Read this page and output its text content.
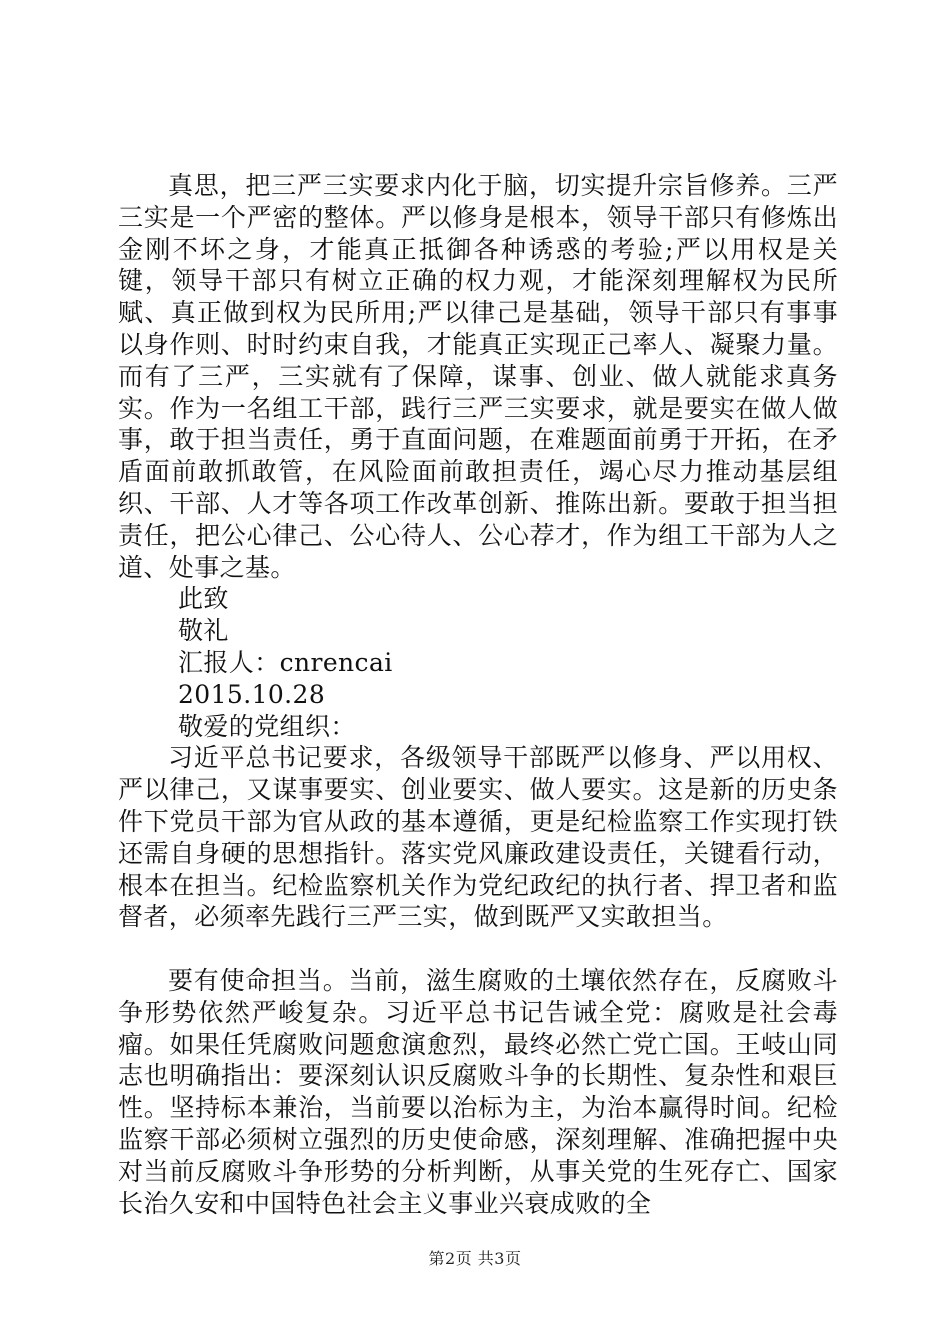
真思，把三严三实要求内化于脑，切实提升宗旨修养。三严三实是一个严密的整体。严以修身是根本，领导干部只有修炼出金刚不坏之身，才能真正抵御各种诱惑的考验;严以用权是关键，领导干部只有树立正确的权力观，才能深刻理解权为民所赋、真正做到权为民所用;严以律己是基础，领导干部只有事事以身作则、时时约束自我，才能真正实现正己率人、凝聚力量。而有了三严，三实就有了保障，谋事、创业、做人就能求真务实。作为一名组工干部，践行三严三实要求，就是要实在做人做事，敢于担当责任，勇于直面问题，在难题面前勇于开拓，在矛盾面前敢抓敢管，在风险面前敢担责任，竭心尽力推动基层组织、干部、人才等各项工作改革创新、推陈出新。要敢于担当担责任，把公心律己、公心待人、公心荐才，作为组工干部为人之道、处事之基。

此致

敬礼

汇报人：cnrencai

2015.10.28

敬爱的党组织：

习近平总书记要求，各级领导干部既严以修身、严以用权、严以律己，又谋事要实、创业要实、做人要实。这是新的历史条件下党员干部为官从政的基本遵循，更是纪检监察工作实现打铁还需自身硬的思想指针。落实党风廉政建设责任，关键看行动，根本在担当。纪检监察机关作为党纪政纪的执行者、捍卫者和监督者，必须率先践行三严三实，做到既严又实敢担当。

要有使命担当。当前，滋生腐败的土壤依然存在，反腐败斗争形势依然严峻复杂。习近平总书记告诫全党：腐败是社会毒瘤。如果任凭腐败问题愈演愈烈，最终必然亡党亡国。王岐山同志也明确指出：要深刻认识反腐败斗争的长期性、复杂性和艰巨性。坚持标本兼治，当前要以治标为主，为治本赢得时间。纪检监察干部必须树立强烈的历史使命感，深刻理解、准确把握中央对当前反腐败斗争形势的分析判断，从事关党的生死存亡、国家长治久安和中国特色社会主义事业兴衰成败的全

第2页 共3页
